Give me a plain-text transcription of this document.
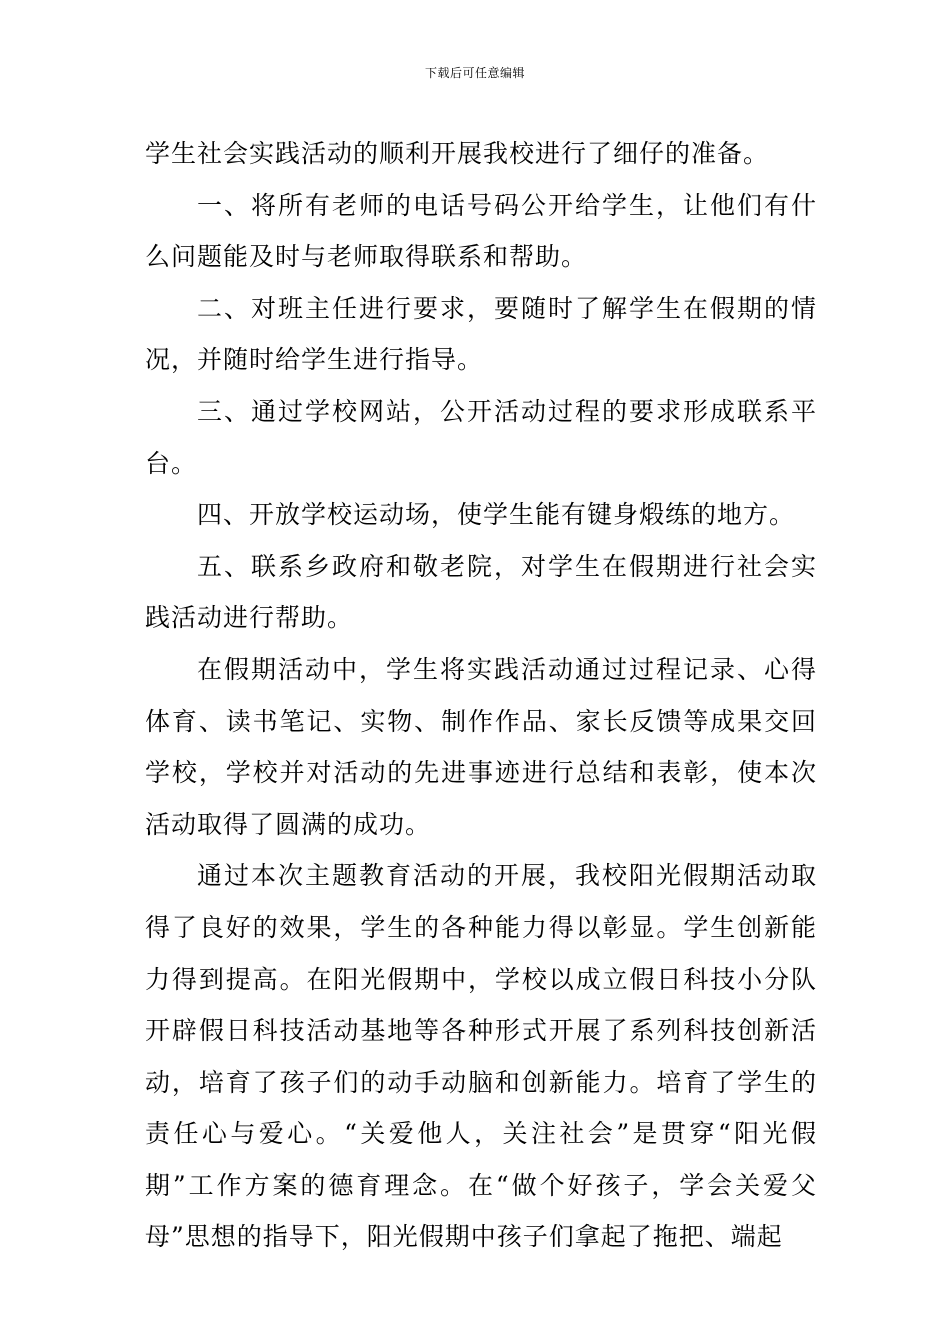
下载后可任意编辑

学生社会实践活动的顺利开展我校进行了细仔的准备。

一、将所有老师的电话号码公开给学生，让他们有什么问题能及时与老师取得联系和帮助。

二、对班主任进行要求，要随时了解学生在假期的情况，并随时给学生进行指导。

三、通过学校网站，公开活动过程的要求形成联系平台。

四、开放学校运动场，使学生能有键身煅练的地方。

五、联系乡政府和敬老院，对学生在假期进行社会实践活动进行帮助。

在假期活动中，学生将实践活动通过过程记录、心得体育、读书笔记、实物、制作作品、家长反馈等成果交回学校，学校并对活动的先进事迹进行总结和表彰，使本次活动取得了圆满的成功。

通过本次主题教育活动的开展，我校阳光假期活动取得了良好的效果，学生的各种能力得以彰显。学生创新能力得到提高。在阳光假期中，学校以成立假日科技小分队开辟假日科技活动基地等各种形式开展了系列科技创新活动，培育了孩子们的动手动脑和创新能力。培育了学生的责任心与爱心。“关爱他人，关注社会”是贯穿“阳光假期”工作方案的德育理念。在“做个好孩子，学会关爱父母”思想的指导下，阳光假期中孩子们拿起了拖把、端起
